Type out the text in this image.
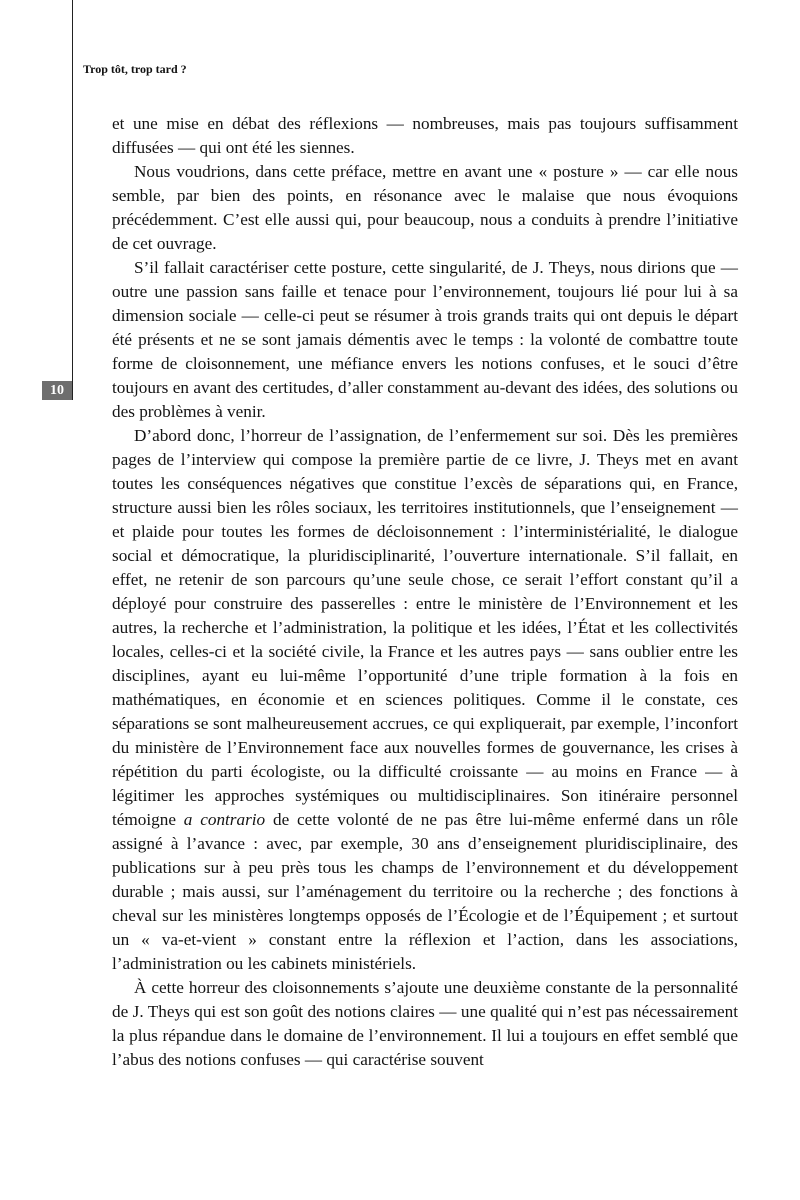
10
Trop tôt, trop tard ?

et une mise en débat des réflexions — nombreuses, mais pas toujours suffisamment diffusées — qui ont été les siennes.

Nous voudrions, dans cette préface, mettre en avant une « posture » — car elle nous semble, par bien des points, en résonance avec le malaise que nous évoquions précédemment. C’est elle aussi qui, pour beaucoup, nous a conduits à prendre l’initiative de cet ouvrage.

S’il fallait caractériser cette posture, cette singularité, de J. Theys, nous dirions que — outre une passion sans faille et tenace pour l’environnement, toujours lié pour lui à sa dimension sociale — celle-ci peut se résumer à trois grands traits qui ont depuis le départ été présents et ne se sont jamais démentis avec le temps : la volonté de combattre toute forme de cloisonnement, une méfiance envers les notions confuses, et le souci d’être toujours en avant des certitudes, d’aller constamment au-devant des idées, des solutions ou des problèmes à venir.

D’abord donc, l’horreur de l’assignation, de l’enfermement sur soi. Dès les premières pages de l’interview qui compose la première partie de ce livre, J. Theys met en avant toutes les conséquences négatives que constitue l’excès de séparations qui, en France, structure aussi bien les rôles sociaux, les territoires institutionnels, que l’enseignement — et plaide pour toutes les formes de décloisonnement : l’interministérialité, le dialogue social et démocratique, la pluridisciplinarité, l’ouverture internationale. S’il fallait, en effet, ne retenir de son parcours qu’une seule chose, ce serait l’effort constant qu’il a déployé pour construire des passerelles : entre le ministère de l’Environnement et les autres, la recherche et l’administration, la politique et les idées, l’État et les collectivités locales, celles-ci et la société civile, la France et les autres pays — sans oublier entre les disciplines, ayant eu lui-même l’opportunité d’une triple formation à la fois en mathématiques, en économie et en sciences politiques. Comme il le constate, ces séparations se sont malheureusement accrues, ce qui expliquerait, par exemple, l’inconfort du ministère de l’Environnement face aux nouvelles formes de gouvernance, les crises à répétition du parti écologiste, ou la difficulté croissante — au moins en France — à légitimer les approches systémiques ou multidisciplinaires. Son itinéraire personnel témoigne a contrario de cette volonté de ne pas être lui-même enfermé dans un rôle assigné à l’avance : avec, par exemple, 30 ans d’enseignement pluridisciplinaire, des publications sur à peu près tous les champs de l’environnement et du développement durable ; mais aussi, sur l’aménagement du territoire ou la recherche ; des fonctions à cheval sur les ministères longtemps opposés de l’Écologie et de l’Équipement ; et surtout un « va-et-vient » constant entre la réflexion et l’action, dans les associations, l’administration ou les cabinets ministériels.

À cette horreur des cloisonnements s’ajoute une deuxième constante de la personnalité de J. Theys qui est son goût des notions claires — une qualité qui n’est pas nécessairement la plus répandue dans le domaine de l’environnement. Il lui a toujours en effet semblé que l’abus des notions confuses — qui caractérise souvent
